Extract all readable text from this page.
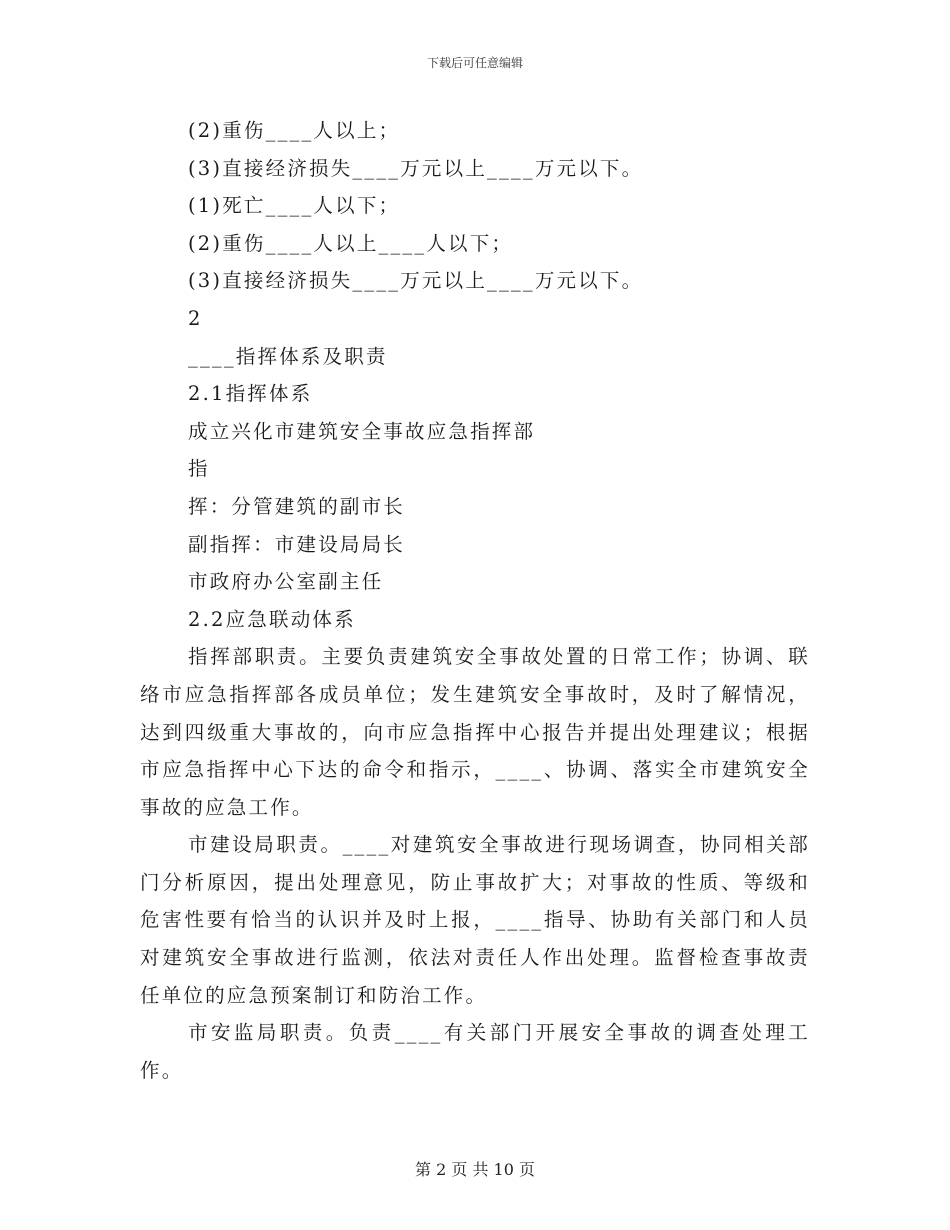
下载后可任意编辑
(2)重伤____人以上；
(3)直接经济损失____万元以上____万元以下。
(1)死亡____人以下；
(2)重伤____人以上____人以下；
(3)直接经济损失____万元以上____万元以下。
2
____指挥体系及职责
2.1指挥体系
成立兴化市建筑安全事故应急指挥部
指
挥：分管建筑的副市长
副指挥：市建设局局长
市政府办公室副主任
2.2应急联动体系

指挥部职责。主要负责建筑安全事故处置的日常工作；协调、联络市应急指挥部各成员单位；发生建筑安全事故时，及时了解情况，达到四级重大事故的，向市应急指挥中心报告并提出处理建议；根据市应急指挥中心下达的命令和指示，____、协调、落实全市建筑安全事故的应急工作。

市建设局职责。____对建筑安全事故进行现场调查，协同相关部门分析原因，提出处理意见，防止事故扩大；对事故的性质、等级和危害性要有恰当的认识并及时上报，____指导、协助有关部门和人员对建筑安全事故进行监测，依法对责任人作出处理。监督检查事故责任单位的应急预案制订和防治工作。

市安监局职责。负责____有关部门开展安全事故的调查处理工作。

第 2 页 共 10 页
